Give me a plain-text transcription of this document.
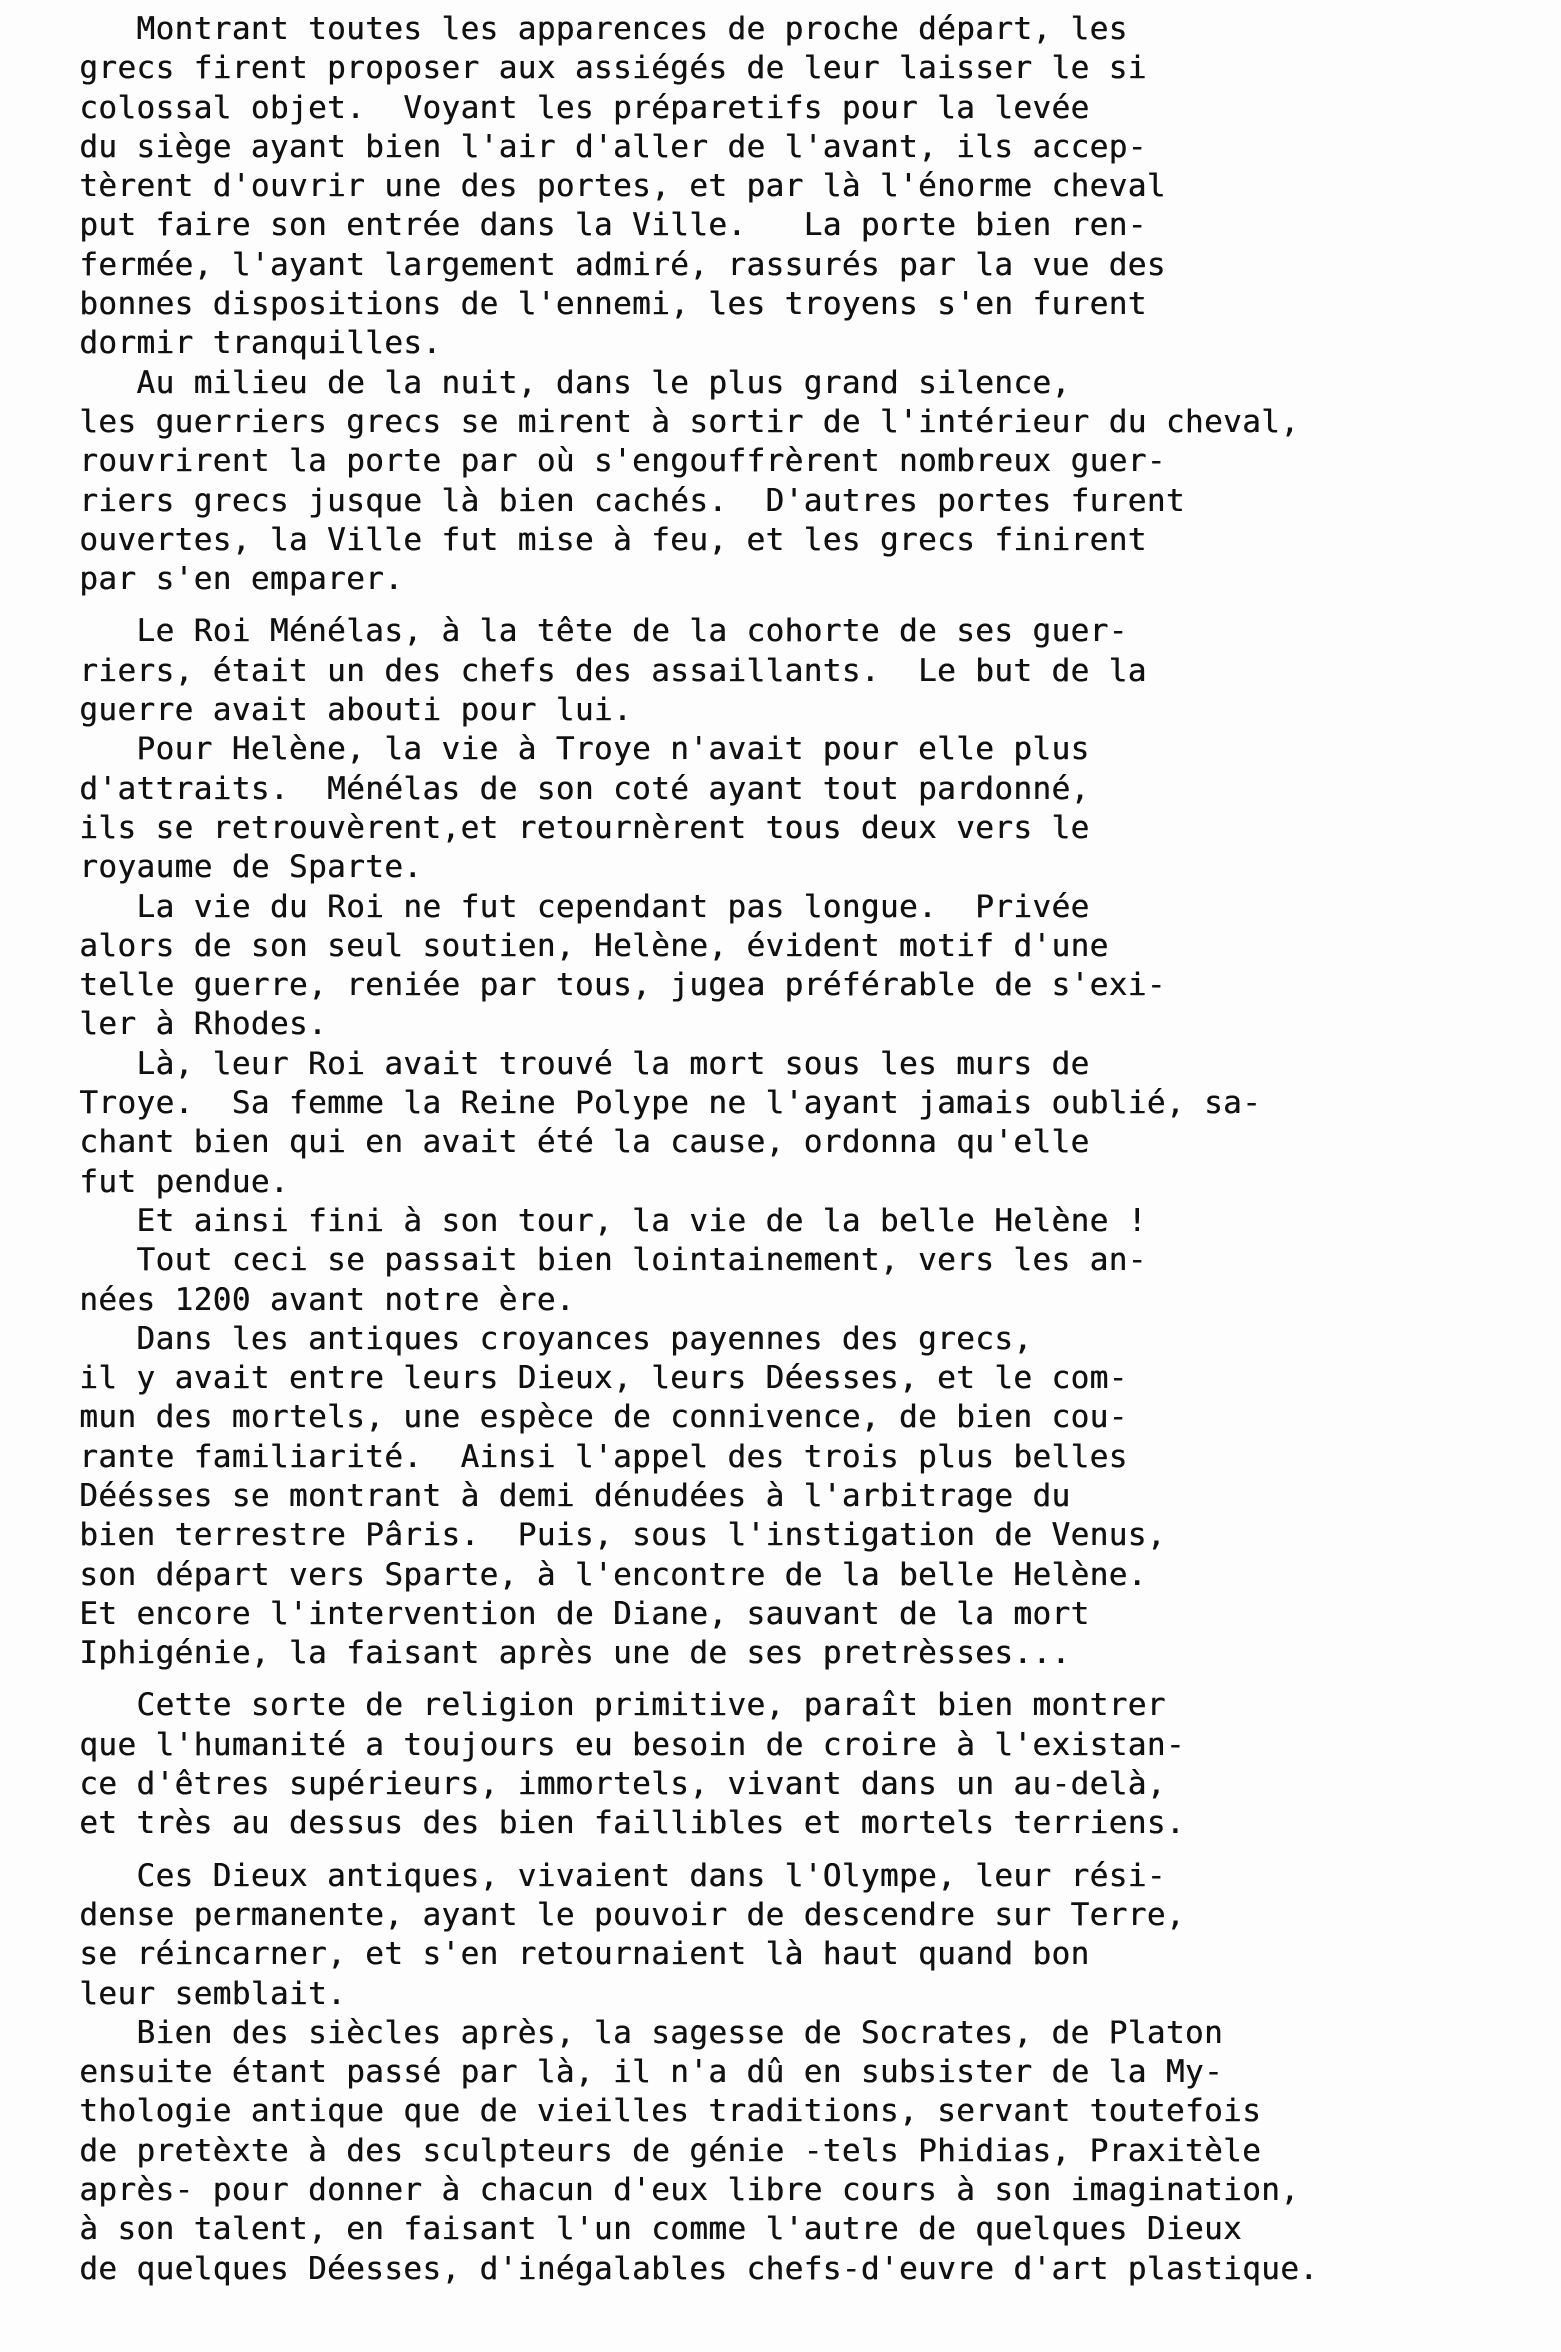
Montrant toutes les apparences de proche départ, les
grecs firent proposer aux assiégés de leur laisser le si
colossal objet.  Voyant les préparetifs pour la levée
du siège ayant bien l'air d'aller de l'avant, ils accep-
tèrent d'ouvrir une des portes, et par là l'énorme cheval
put faire son entrée dans la Ville.   La porte bien ren-
fermée, l'ayant largement admiré, rassurés par la vue des
bonnes dispositions de l'ennemi, les troyens s'en furent
dormir tranquilles.
Au milieu de la nuit, dans le plus grand silence,
les guerriers grecs se mirent à sortir de l'intérieur du cheval,
rouvrirent la porte par où s'engouffrèrent nombreux guer-
riers grecs jusque là bien cachés.  D'autres portes furent
ouvertes, la Ville fut mise à feu, et les grecs finirent
par s'en emparer.
Le Roi Ménélas, à la tête de la cohorte de ses guer-
riers, était un des chefs des assaillants.  Le but de la
guerre avait abouti pour lui.
Pour Helène, la vie à Troye n'avait pour elle plus
d'attraits.  Ménélas de son coté ayant tout pardonné,
ils se retrouvèrent,et retournèrent tous deux vers le
royaume de Sparte.
La vie du Roi ne fut cependant pas longue.  Privée
alors de son seul soutien, Helène, évident motif d'une
telle guerre, reniée par tous, jugea préférable de s'exi-
ler à Rhodes.
Là, leur Roi avait trouvé la mort sous les murs de
Troye.  Sa femme la Reine Polype ne l'ayant jamais oublié, sa-
chant bien qui en avait été la cause, ordonna qu'elle
fut pendue.
Et ainsi fini à son tour, la vie de la belle Helène !
Tout ceci se passait bien lointainement, vers les an-
nées 1200 avant notre ère.
Dans les antiques croyances payennes des grecs,
il y avait entre leurs Dieux, leurs Déesses, et le com-
mun des mortels, une espèce de connivence, de bien cou-
rante familiarité.  Ainsi l'appel des trois plus belles
Déésses se montrant à demi dénudées à l'arbitrage du
bien terrestre Pâris.  Puis, sous l'instigation de Venus,
son départ vers Sparte, à l'encontre de la belle Helène.
Et encore l'intervention de Diane, sauvant de la mort
Iphigénie, la faisant après une de ses pretrèsses...
Cette sorte de religion primitive, paraît bien montrer
que l'humanité a toujours eu besoin de croire à l'existan-
ce d'êtres supérieurs, immortels, vivant dans un au-delà,
et très au dessus des bien faillibles et mortels terriens.
Ces Dieux antiques, vivaient dans l'Olympe, leur rési-
dense permanente, ayant le pouvoir de descendre sur Terre,
se réincarner, et s'en retournaient là haut quand bon
leur semblait.
Bien des siècles après, la sagesse de Socrates, de Platon
ensuite étant passé par là, il n'a dû en subsister de la My-
thologie antique que de vieilles traditions, servant toutefois
de pretèxte à des sculpteurs de génie -tels Phidias, Praxitèle
après- pour donner à chacun d'eux libre cours à son imagination,
à son talent, en faisant l'un comme l'autre de quelques Dieux
de quelques Déesses, d'inégalables chefs-d'euvre d'art plastique.
